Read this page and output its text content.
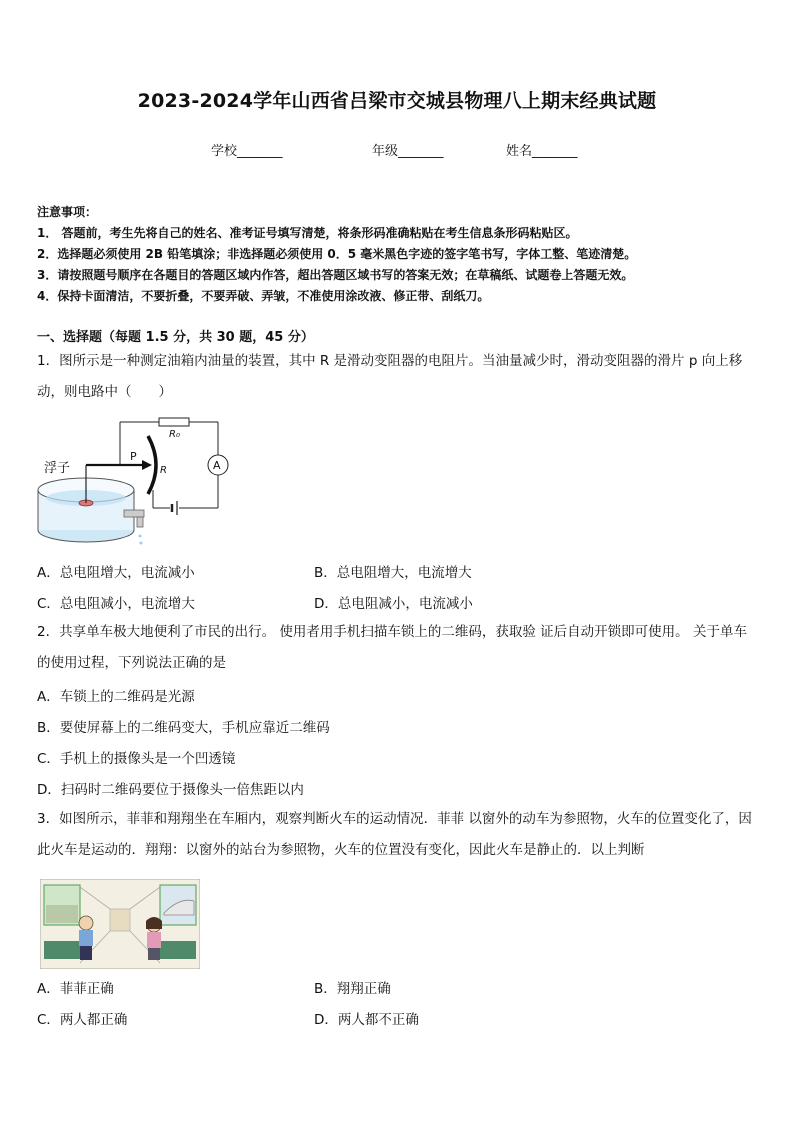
2023-2024学年山西省吕梁市交城县物理八上期末经典试题
学校_______	年级_______	姓名_______
注意事项：
1． 答题前，考生先将自己的姓名、准考证号填写清楚，将条形码准确粘贴在考生信息条形码粘贴区。
2．选择题必须使用 2B 铅笔填涂；非选择题必须使用 0．5 毫米黑色字迹的签字笔书写，字体工整、笔迹清楚。
3．请按照题号顺序在各题目的答题区域内作答，超出答题区域书写的答案无效；在草稿纸、试题卷上答题无效。
4．保持卡面清洁，不要折叠，不要弄破、弄皱，不准使用涂改液、修正带、刮纸刀。
一、选择题（每题 1.5 分，共 30 题，45 分）
1．图所示是一种测定油箱内油量的装置，其中 R 是滑动变阻器的电阻片。当油量减少时，滑动变阻器的滑片 p 向上移动，则电路中（　　）
浮子
P
R
R₀
A
A．总电阻增大，电流减小	B．总电阻增大，电流增大
C．总电阻减小，电流增大	D．总电阻减小，电流减小
2．共享单车极大地便利了市民的出行。 使用者用手机扫描车锁上的二维码，获取验 证后自动开锁即可使用。 关于单车的使用过程，下列说法正确的是
A．车锁上的二维码是光源
B．要使屏幕上的二维码变大，手机应靠近二维码
C．手机上的摄像头是一个凹透镜
D．扫码时二维码要位于摄像头一倍焦距以内
3．如图所示，菲菲和翔翔坐在车厢内，观察判断火车的运动情况．菲菲 以窗外的动车为参照物，火车的位置变化了，因此火车是运动的．翔翔：以窗外的站台为参照物，火车的位置没有变化，因此火车是静止的．以上判断
A．菲菲正确	B．翔翔正确
C．两人都正确	D．两人都不正确
